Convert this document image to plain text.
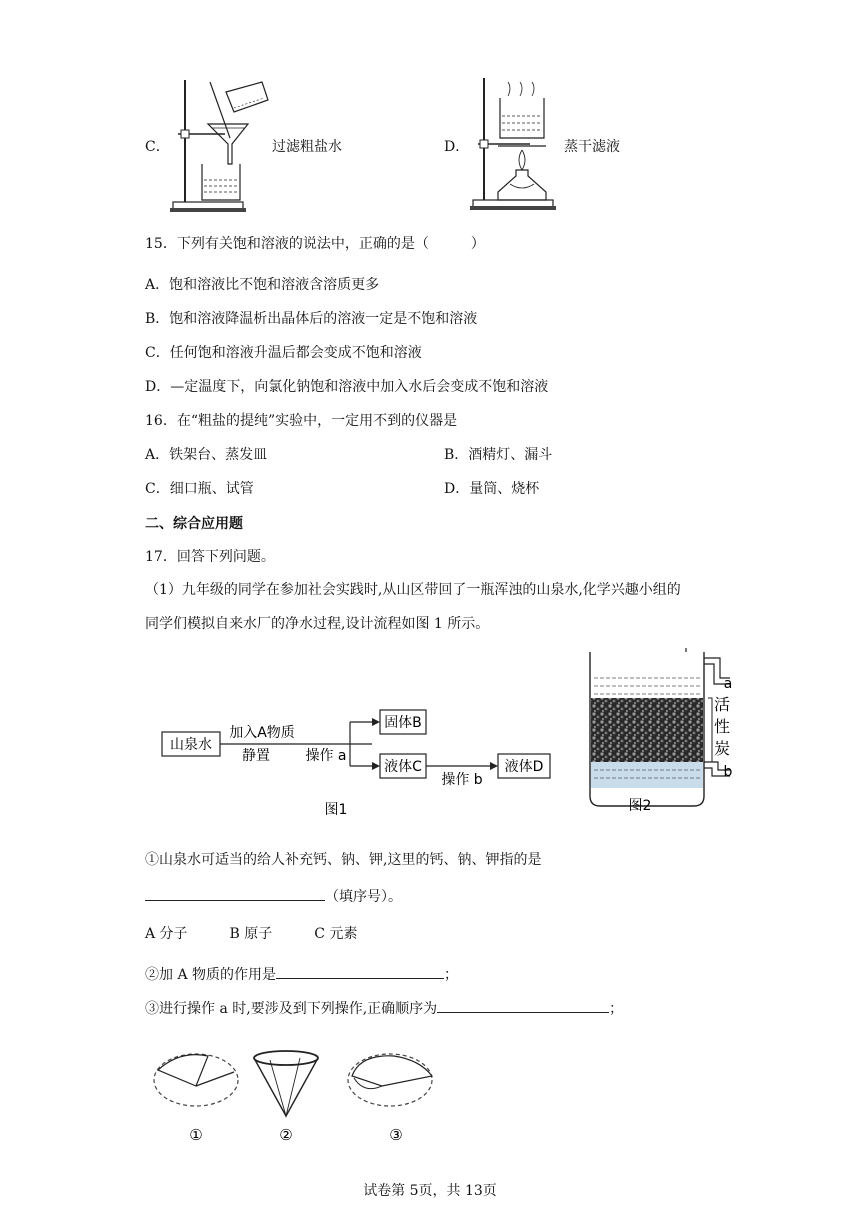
C．	过滤粗盐水	D．	蒸干滤液
15．下列有关饱和溶液的说法中，正确的是（　　　）
A．饱和溶液比不饱和溶液含溶质更多
B．饱和溶液降温析出晶体后的溶液一定是不饱和溶液
C．任何饱和溶液升温后都会变成不饱和溶液
D．—定温度下，向氯化钠饱和溶液中加入水后会变成不饱和溶液
16．在“粗盐的提纯”实验中，一定用不到的仪器是
A．铁架台、蒸发皿	B．酒精灯、漏斗
C．细口瓶、试管	D．量筒、烧杯
二、综合应用题
17．回答下列问题。
（1）九年级的同学在参加社会实践时,从山区带回了一瓶浑浊的山泉水,化学兴趣小组的
同学们模拟自来水厂的净水过程,设计流程如图 1 所示。
山泉水
加入A物质
静置	操作 a
固体B
液体C
操作 b
液体D
图1
a
活
性
炭
b
图2
①山泉水可适当的给人补充钙、钠、钾,这里的钙、钠、钾指的是
（填序号）。
A 分子　　　B 原子　　　C 元素
②加 A 物质的作用是	；
③进行操作 a 时,要涉及到下列操作,正确顺序为	；
①	②	③
试卷第 5页，共 13页
